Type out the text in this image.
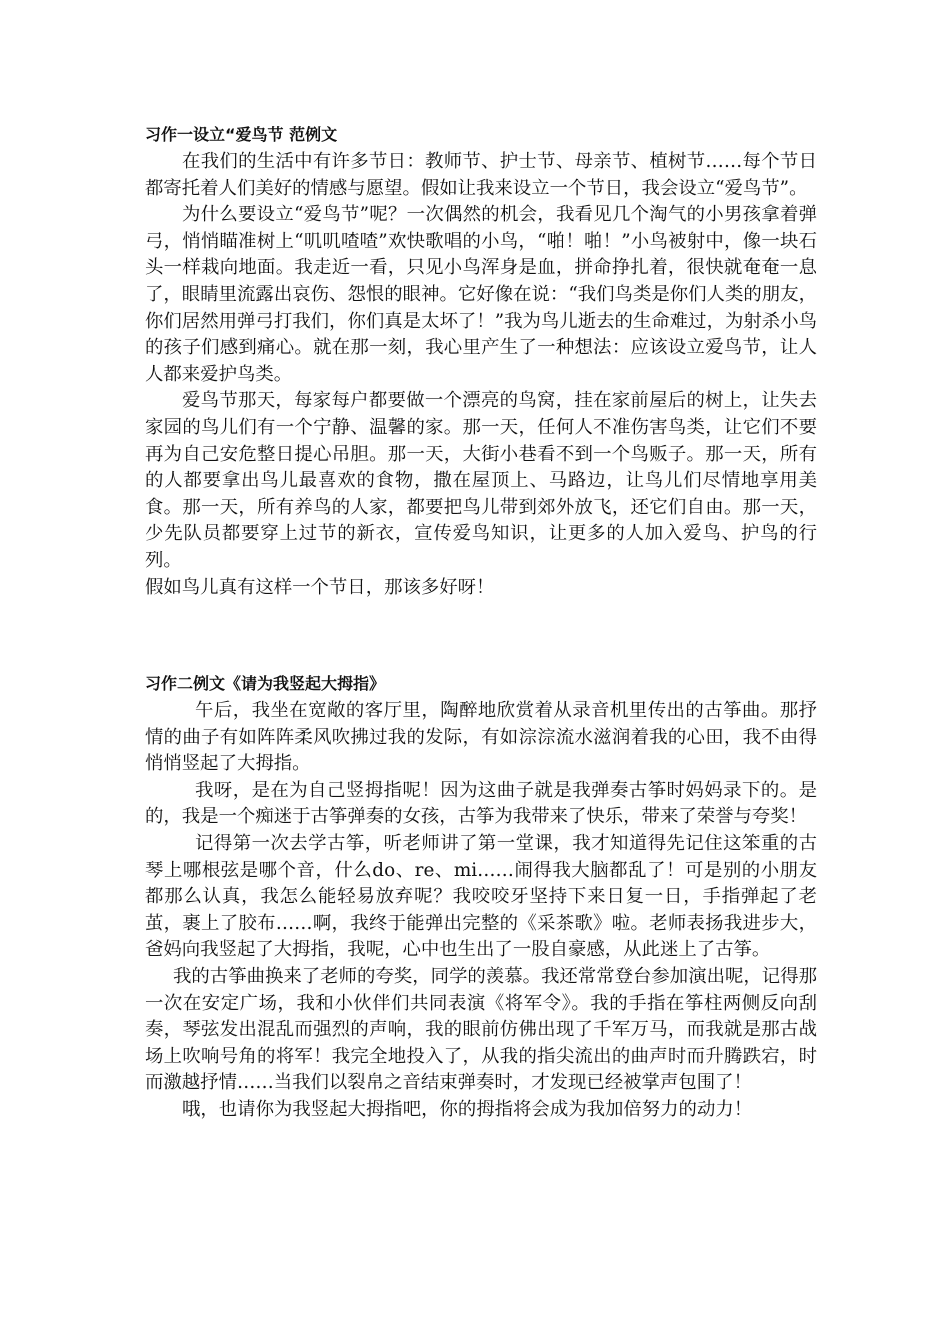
习作一设立“爱鸟节 范例文

在我们的生活中有许多节日：教师节、护士节、母亲节、植树节……每个节日都寄托着人们美好的情感与愿望。假如让我来设立一个节日，我会设立“爱鸟节”。

为什么要设立“爱鸟节”呢？一次偶然的机会，我看见几个淘气的小男孩拿着弹弓，悄悄瞄准树上“叽叽喳喳”欢快歌唱的小鸟，“啪！啪！”小鸟被射中，像一块石头一样栽向地面。我走近一看，只见小鸟浑身是血，拼命挣扎着，很快就奄奄一息了，眼睛里流露出哀伤、怨恨的眼神。它好像在说：“我们鸟类是你们人类的朋友，你们居然用弹弓打我们，你们真是太坏了！”我为鸟儿逝去的生命难过，为射杀小鸟的孩子们感到痛心。就在那一刻，我心里产生了一种想法：应该设立爱鸟节，让人人都来爱护鸟类。

爱鸟节那天，每家每户都要做一个漂亮的鸟窝，挂在家前屋后的树上，让失去家园的鸟儿们有一个宁静、温馨的家。那一天，任何人不准伤害鸟类，让它们不要再为自己安危整日提心吊胆。那一天，大街小巷看不到一个鸟贩子。那一天，所有的人都要拿出鸟儿最喜欢的食物，撒在屋顶上、马路边，让鸟儿们尽情地享用美食。那一天，所有养鸟的人家，都要把鸟儿带到郊外放飞，还它们自由。那一天，少先队员都要穿上过节的新衣，宣传爱鸟知识，让更多的人加入爱鸟、护鸟的行列。

假如鸟儿真有这样一个节日，那该多好呀！

习作二例文《请为我竖起大拇指》

午后，我坐在宽敞的客厅里，陶醉地欣赏着从录音机里传出的古筝曲。那抒情的曲子有如阵阵柔风吹拂过我的发际，有如淙淙流水滋润着我的心田，我不由得悄悄竖起了大拇指。

我呀，是在为自己竖拇指呢！因为这曲子就是我弹奏古筝时妈妈录下的。是的，我是一个痴迷于古筝弹奏的女孩，古筝为我带来了快乐，带来了荣誉与夸奖！

记得第一次去学古筝，听老师讲了第一堂课，我才知道得先记住这笨重的古琴上哪根弦是哪个音，什么do、re、mi……闹得我大脑都乱了！可是别的小朋友都那么认真，我怎么能轻易放弃呢？我咬咬牙坚持下来日复一日，手指弹起了老茧，裹上了胶布……啊，我终于能弹出完整的《采茶歌》啦。老师表扬我进步大，爸妈向我竖起了大拇指，我呢，心中也生出了一股自豪感，从此迷上了古筝。

我的古筝曲换来了老师的夸奖，同学的羡慕。我还常常登台参加演出呢，记得那一次在安定广场，我和小伙伴们共同表演《将军令》。我的手指在筝柱两侧反向刮奏，琴弦发出混乱而强烈的声响，我的眼前仿佛出现了千军万马，而我就是那古战场上吹响号角的将军！我完全地投入了，从我的指尖流出的曲声时而升腾跌宕，时而激越抒情……当我们以裂帛之音结束弹奏时，才发现已经被掌声包围了！

哦，也请你为我竖起大拇指吧，你的拇指将会成为我加倍努力的动力！
